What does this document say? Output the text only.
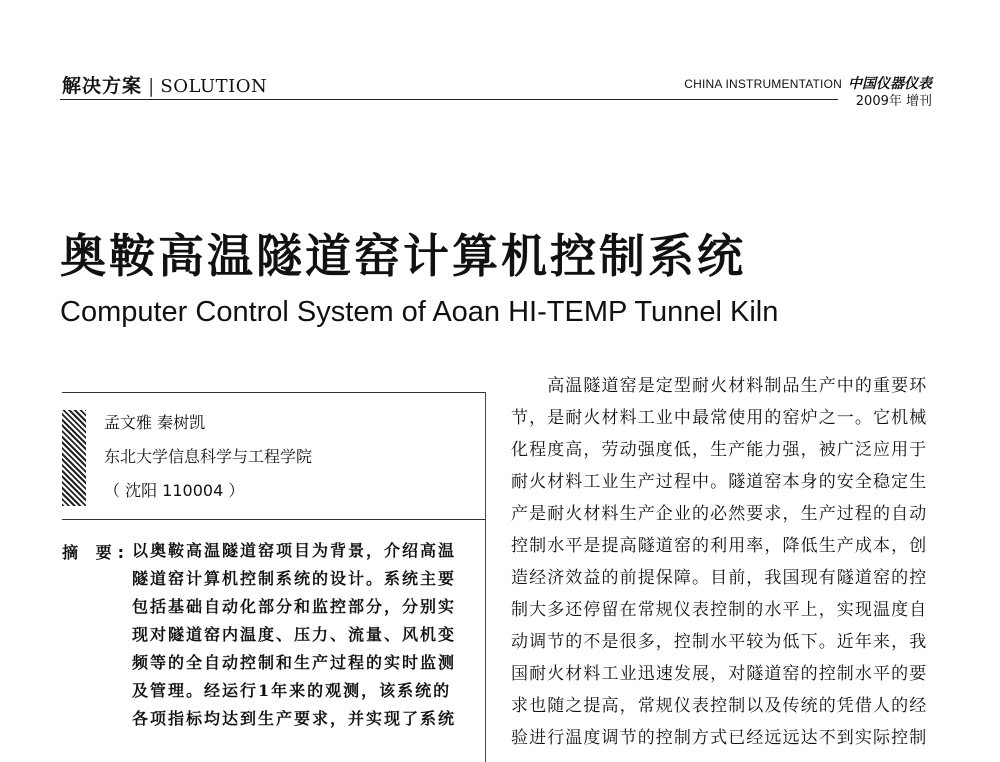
解决方案 | SOLUTION	CHINA INSTRUMENTATION 中国仪器仪表
2009年 增刊
奥鞍高温隧道窑计算机控制系统
Computer Control System of Aoan HI-TEMP Tunnel Kiln
孟文雅 秦树凯
东北大学信息科学与工程学院
（ 沈阳 110004 ）
摘 要: 以奥鞍高温隧道窑项目为背景，介绍高温
隧道窑计算机控制系统的设计。系统主要
包括基础自动化部分和监控部分，分别实
现对隧道窑内温度、压力、流量、风机变
频等的全自动控制和生产过程的实时监测
及管理。经运行1年来的观测，该系统的
各项指标均达到生产要求，并实现了系统
　　高温隧道窑是定型耐火材料制品生产中的重要环
节，是耐火材料工业中最常使用的窑炉之一。它机械
化程度高，劳动强度低，生产能力强，被广泛应用于
耐火材料工业生产过程中。隧道窑本身的安全稳定生
产是耐火材料生产企业的必然要求，生产过程的自动
控制水平是提高隧道窑的利用率，降低生产成本，创
造经济效益的前提保障。目前，我国现有隧道窑的控
制大多还停留在常规仪表控制的水平上，实现温度自
动调节的不是很多，控制水平较为低下。近年来，我
国耐火材料工业迅速发展，对隧道窑的控制水平的要
求也随之提高，常规仪表控制以及传统的凭借人的经
验进行温度调节的控制方式已经远远达不到实际控制
